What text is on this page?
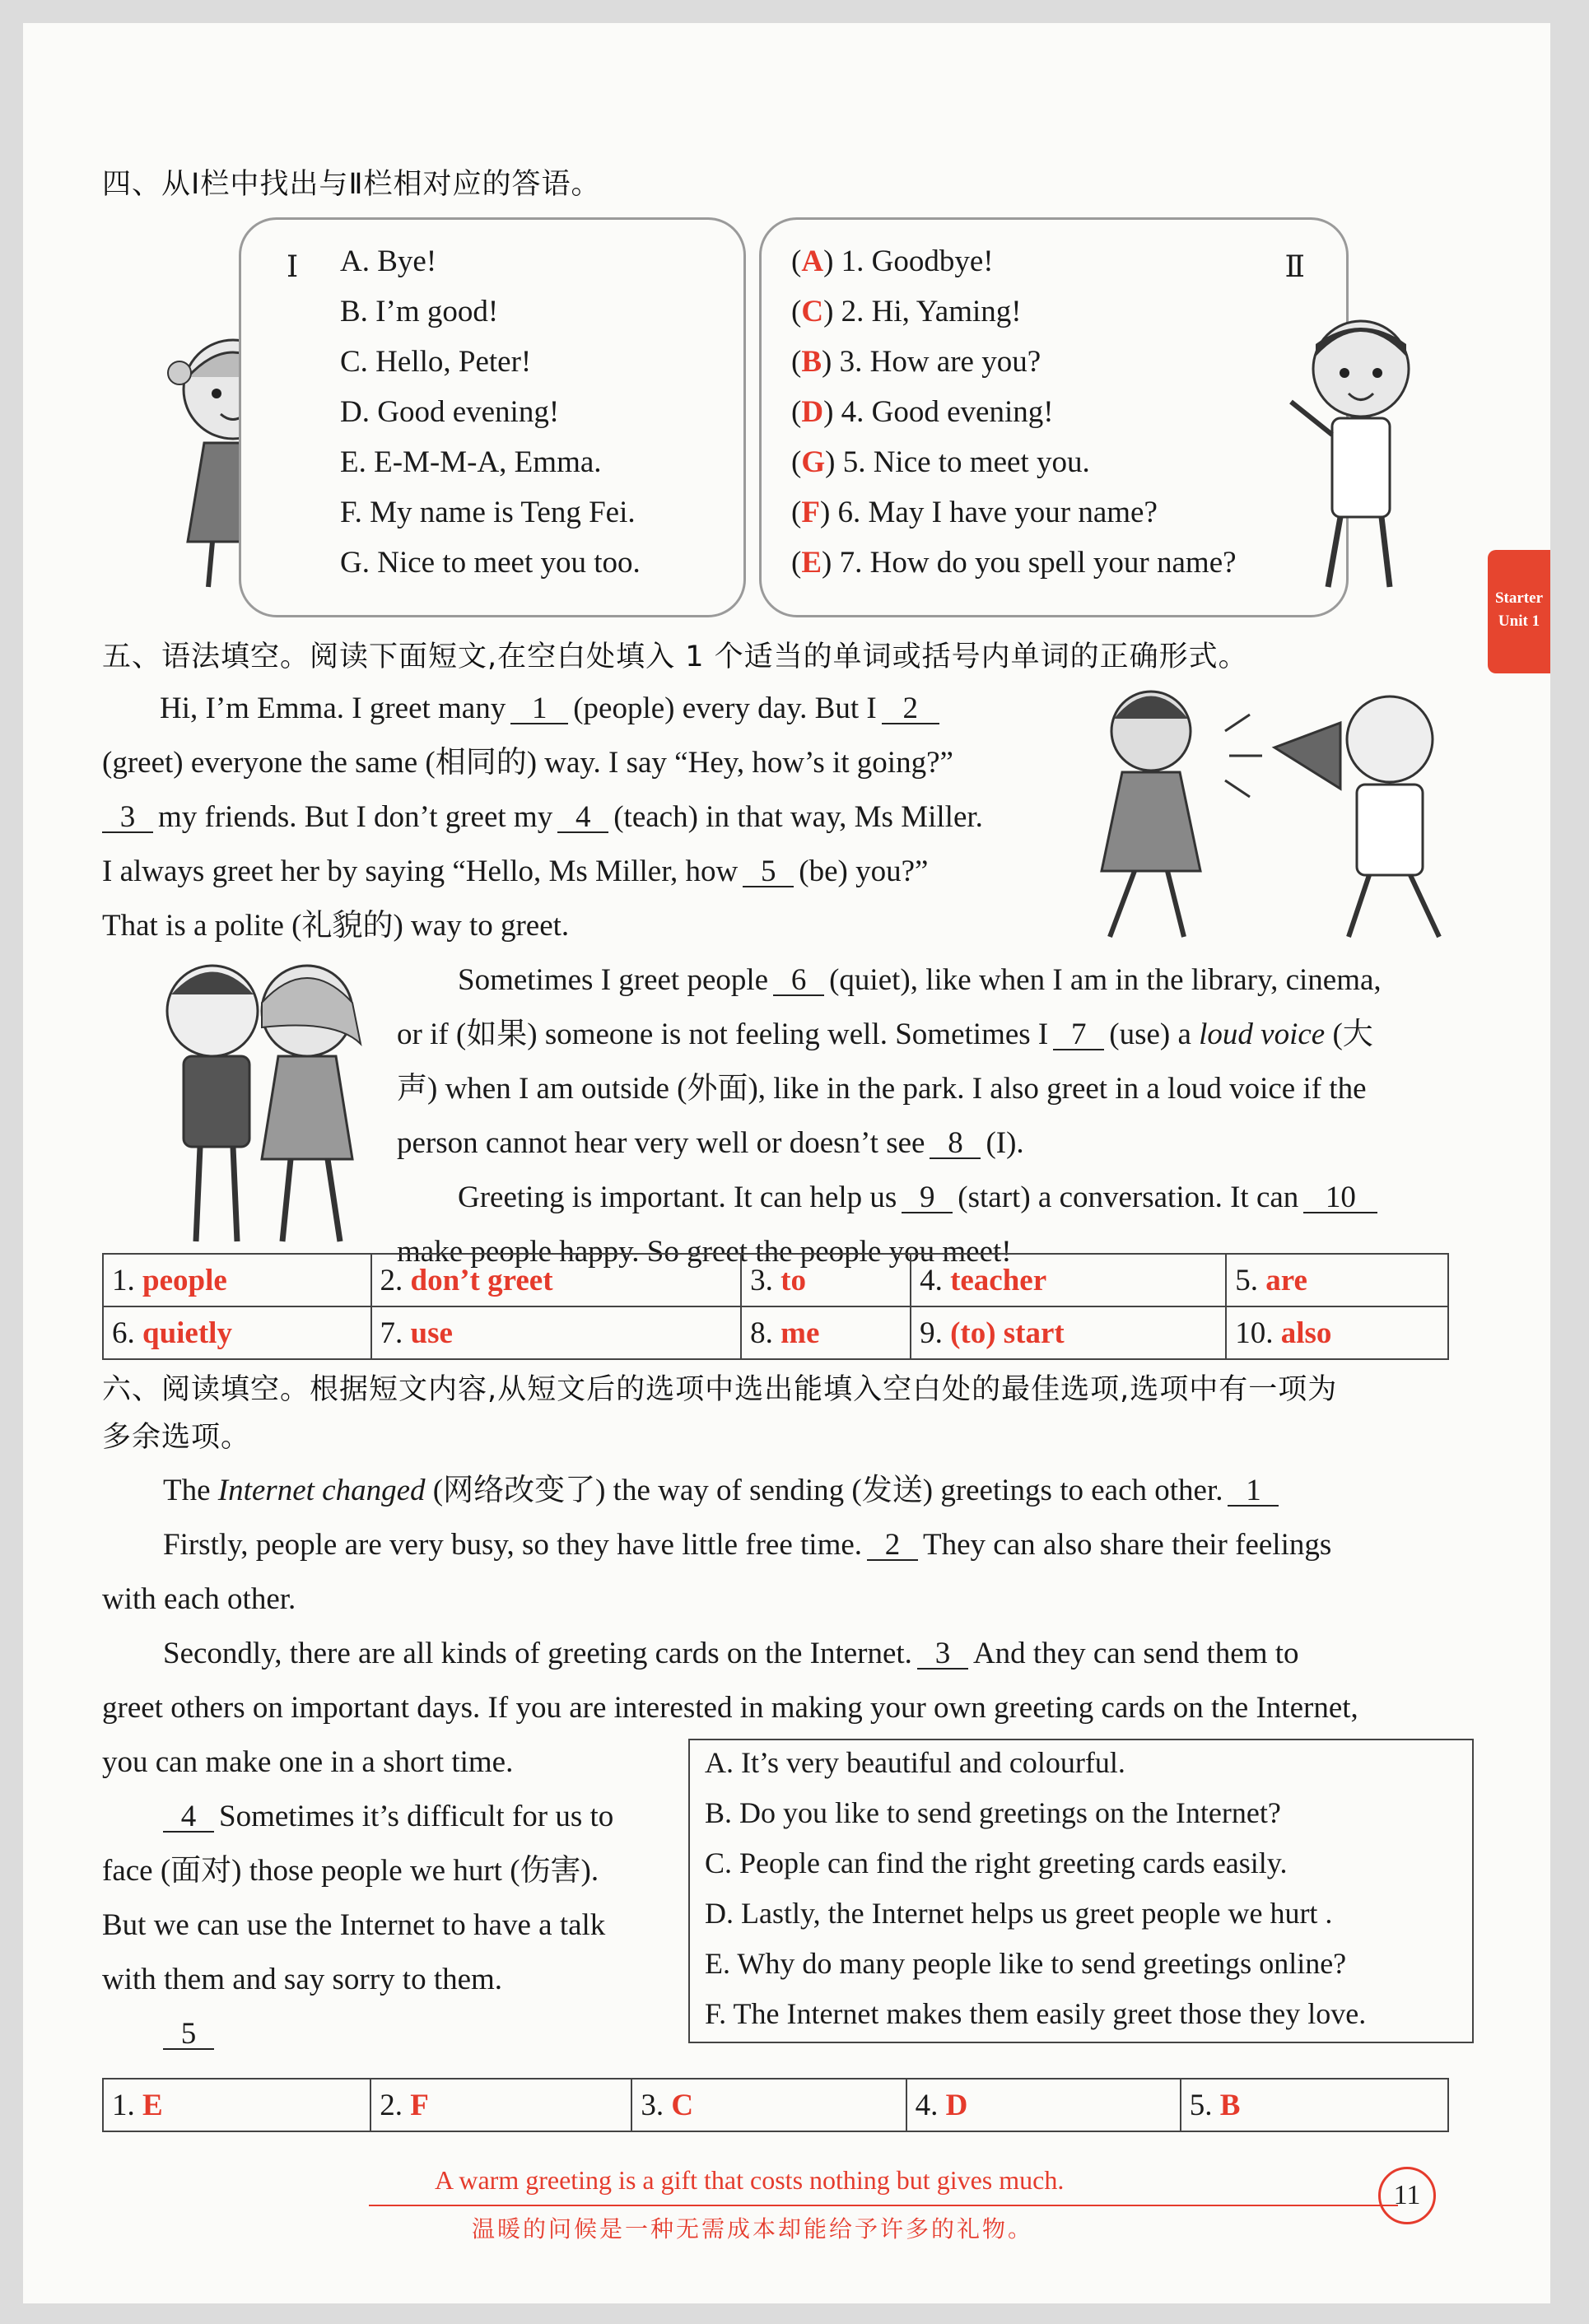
四、从Ⅰ栏中找出与Ⅱ栏相对应的答语。
Ⅰ A. Bye!
B. I’m good!
C. Hello, Peter!
D. Good evening!
E. E-M-M-A, Emma.
F. My name is Teng Fei.
G. Nice to meet you too.
Ⅱ
(A) 1. Goodbye!
(C) 2. Hi, Yaming!
(B) 3. How are you?
(D) 4. Good evening!
(G) 5. Nice to meet you.
(F) 6. May I have your name?
(E) 7. How do you spell your name?
Starter
Unit 1
五、语法填空。阅读下面短文,在空白处填入 1 个适当的单词或括号内单词的正确形式。
Hi, I’m Emma. I greet many 1 (people) every day. But I 2
(greet) everyone the same (相同的) way. I say “Hey, how’s it going?”
3 my friends. But I don’t greet my 4 (teach) in that way, Ms Miller.
I always greet her by saying “Hello, Ms Miller, how 5 (be) you?”
That is a polite (礼貌的) way to greet.
Sometimes I greet people 6 (quiet), like when I am in the library, cinema,
or if (如果) someone is not feeling well. Sometimes I 7 (use) a loud voice (大
声) when I am outside (外面), like in the park. I also greet in a loud voice if the
person cannot hear very well or doesn’t see 8 (I).
Greeting is important. It can help us 9 (start) a conversation. It can 10
make people happy. So greet the people you meet!
1. people	2. don’t greet	3. to	4. teacher	5. are
6. quietly	7. use	8. me	9. (to) start	10. also
六、阅读填空。根据短文内容,从短文后的选项中选出能填入空白处的最佳选项,选项中有一项为
多余选项。
The Internet changed (网络改变了) the way of sending (发送) greetings to each other. 1
Firstly, people are very busy, so they have little free time. 2 They can also share their feelings
with each other.
Secondly, there are all kinds of greeting cards on the Internet. 3 And they can send them to
greet others on important days. If you are interested in making your own greeting cards on the Internet,
you can make one in a short time.
4 Sometimes it’s difficult for us to
face (面对) those people we hurt (伤害).
But we can use the Internet to have a talk
with them and say sorry to them.
5
A. It’s very beautiful and colourful.
B. Do you like to send greetings on the Internet?
C. People can find the right greeting cards easily.
D. Lastly, the Internet helps us greet people we hurt .
E. Why do many people like to send greetings online?
F. The Internet makes them easily greet those they love.
1. E	2. F	3. C	4. D	5. B
A warm greeting is a gift that costs nothing but gives much.
温暖的问候是一种无需成本却能给予许多的礼物。
11
